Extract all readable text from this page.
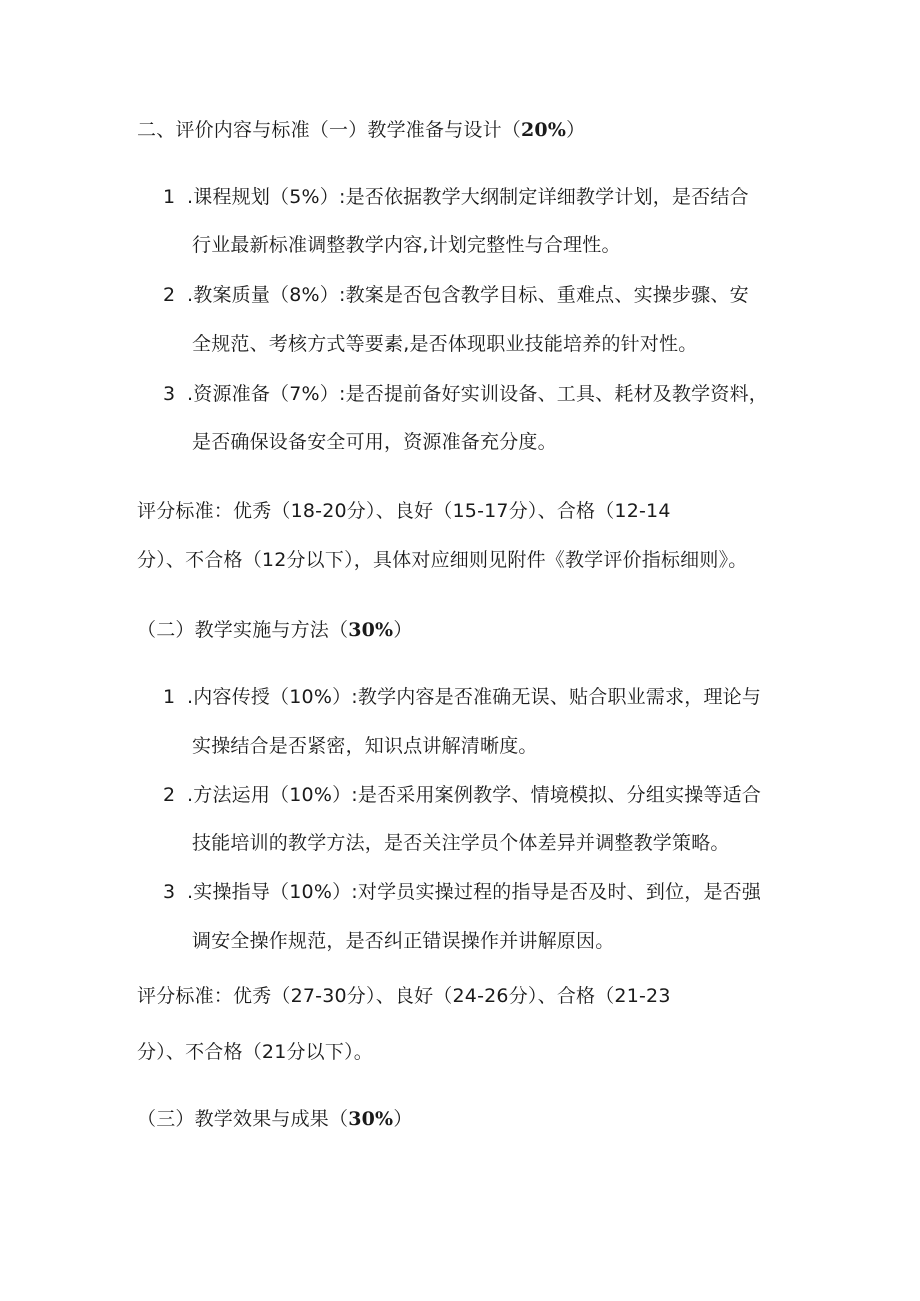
二、评价内容与标准（一）教学准备与设计（20%）
1 .课程规划（5%）:是否依据教学大纲制定详细教学计划，是否结合
行业最新标准调整教学内容,计划完整性与合理性。
2 .教案质量（8%）:教案是否包含教学目标、重难点、实操步骤、安
全规范、考核方式等要素,是否体现职业技能培养的针对性。
3 .资源准备（7%）:是否提前备好实训设备、工具、耗材及教学资料，
是否确保设备安全可用，资源准备充分度。
评分标准：优秀（18-20分）、良好（15-17分）、合格（12-14
分）、不合格（12分以下），具体对应细则见附件《教学评价指标细则》。
（二）教学实施与方法（30%）
1 .内容传授（10%）:教学内容是否准确无误、贴合职业需求，理论与
实操结合是否紧密，知识点讲解清晰度。
2 .方法运用（10%）:是否采用案例教学、情境模拟、分组实操等适合
技能培训的教学方法，是否关注学员个体差异并调整教学策略。
3 .实操指导（10%）:对学员实操过程的指导是否及时、到位，是否强
调安全操作规范，是否纠正错误操作并讲解原因。
评分标准：优秀（27-30分）、良好（24-26分）、合格（21-23
分）、不合格（21分以下）。
（三）教学效果与成果（30%）
